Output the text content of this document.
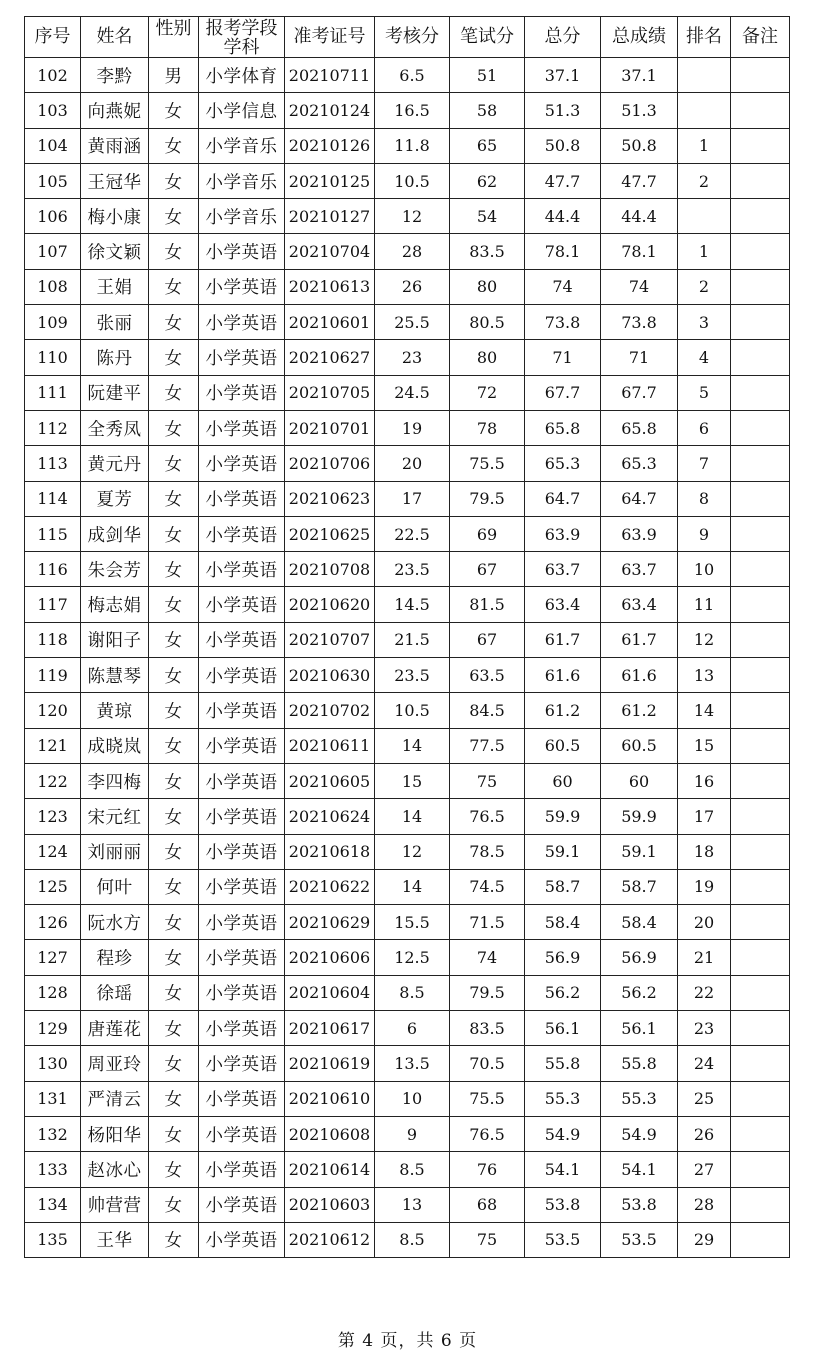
序号	姓名	性别	报考学段学科	准考证号	考核分	笔试分	总分	总成绩	排名	备注
102	李黔	男	小学体育	20210711	6.5	51	37.1	37.1		
103	向燕妮	女	小学信息	20210124	16.5	58	51.3	51.3		
104	黄雨涵	女	小学音乐	20210126	11.8	65	50.8	50.8	1	
105	王冠华	女	小学音乐	20210125	10.5	62	47.7	47.7	2	
106	梅小康	女	小学音乐	20210127	12	54	44.4	44.4		
107	徐文颖	女	小学英语	20210704	28	83.5	78.1	78.1	1	
108	王娟	女	小学英语	20210613	26	80	74	74	2	
109	张丽	女	小学英语	20210601	25.5	80.5	73.8	73.8	3	
110	陈丹	女	小学英语	20210627	23	80	71	71	4	
111	阮建平	女	小学英语	20210705	24.5	72	67.7	67.7	5	
112	全秀凤	女	小学英语	20210701	19	78	65.8	65.8	6	
113	黄元丹	女	小学英语	20210706	20	75.5	65.3	65.3	7	
114	夏芳	女	小学英语	20210623	17	79.5	64.7	64.7	8	
115	成剑华	女	小学英语	20210625	22.5	69	63.9	63.9	9	
116	朱会芳	女	小学英语	20210708	23.5	67	63.7	63.7	10	
117	梅志娟	女	小学英语	20210620	14.5	81.5	63.4	63.4	11	
118	谢阳子	女	小学英语	20210707	21.5	67	61.7	61.7	12	
119	陈慧琴	女	小学英语	20210630	23.5	63.5	61.6	61.6	13	
120	黄琼	女	小学英语	20210702	10.5	84.5	61.2	61.2	14	
121	成晓岚	女	小学英语	20210611	14	77.5	60.5	60.5	15	
122	李四梅	女	小学英语	20210605	15	75	60	60	16	
123	宋元红	女	小学英语	20210624	14	76.5	59.9	59.9	17	
124	刘丽丽	女	小学英语	20210618	12	78.5	59.1	59.1	18	
125	何叶	女	小学英语	20210622	14	74.5	58.7	58.7	19	
126	阮水方	女	小学英语	20210629	15.5	71.5	58.4	58.4	20	
127	程珍	女	小学英语	20210606	12.5	74	56.9	56.9	21	
128	徐瑶	女	小学英语	20210604	8.5	79.5	56.2	56.2	22	
129	唐莲花	女	小学英语	20210617	6	83.5	56.1	56.1	23	
130	周亚玲	女	小学英语	20210619	13.5	70.5	55.8	55.8	24	
131	严清云	女	小学英语	20210610	10	75.5	55.3	55.3	25	
132	杨阳华	女	小学英语	20210608	9	76.5	54.9	54.9	26	
133	赵冰心	女	小学英语	20210614	8.5	76	54.1	54.1	27	
134	帅营营	女	小学英语	20210603	13	68	53.8	53.8	28	
135	王华	女	小学英语	20210612	8.5	75	53.5	53.5	29	
第 4 页，共 6 页
